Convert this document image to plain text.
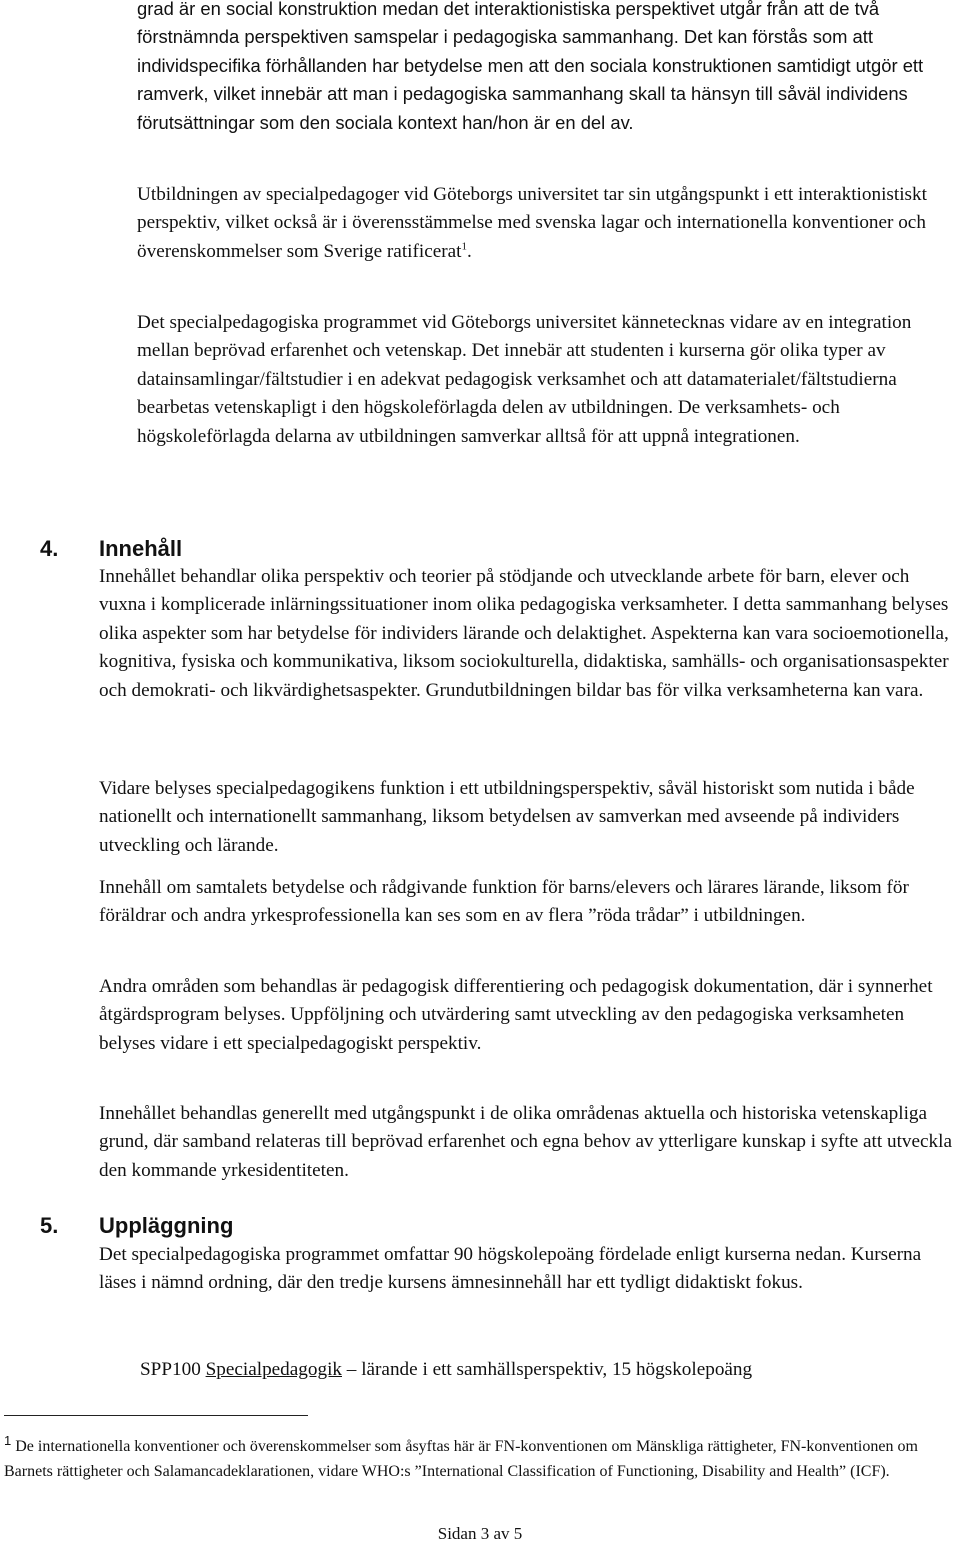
grad är en social konstruktion medan det interaktionistiska perspektivet utgår från att de två förstnämnda perspektiven samspelar i pedagogiska sammanhang. Det kan förstås som att individspecifika förhållanden har betydelse men att den sociala konstruktionen samtidigt utgör ett ramverk, vilket innebär att man i pedagogiska sammanhang skall ta hänsyn till såväl individens förutsättningar som den sociala kontext han/hon är en del av.

Utbildningen av specialpedagoger vid Göteborgs universitet tar sin utgångspunkt i ett interaktionistiskt perspektiv, vilket också är i överensstämmelse med svenska lagar och internationella konventioner och överenskommelser som Sverige ratificerat$^1$.

Det specialpedagogiska programmet vid Göteborgs universitet kännetecknas vidare av en integration mellan beprövad erfarenhet och vetenskap. Det innebär att studenten i kurserna gör olika typer av datainsamlingar/fältstudier i en adekvat pedagogisk verksamhet och att datamaterialet/fältstudierna bearbetas vetenskapligt i den högskoleförlagda delen av utbildningen. De verksamhets- och högskoleförlagda delarna av utbildningen samverkar alltså för att uppnå integrationen.

4. Innehåll

Innehållet behandlar olika perspektiv och teorier på stödjande och utvecklande arbete för barn, elever och vuxna i komplicerade inlärningssituationer inom olika pedagogiska verksamheter. I detta sammanhang belyses olika aspekter som har betydelse för individers lärande och delaktighet. Aspekterna kan vara socioemotionella, kognitiva, fysiska och kommunikativa, liksom sociokulturella, didaktiska, samhälls- och organisationsaspekter och demokrati- och likvärdighetsaspekter. Grundutbildningen bildar bas för vilka verksamheterna kan vara.

Vidare belyses specialpedagogikens funktion i ett utbildningsperspektiv, såväl historiskt som nutida i både nationellt och internationellt sammanhang, liksom betydelsen av samverkan med avseende på individers utveckling och lärande.

Innehåll om samtalets betydelse och rådgivande funktion för barns/elevers och lärares lärande, liksom för föräldrar och andra yrkesprofessionella kan ses som en av flera ”röda trådar” i utbildningen.

Andra områden som behandlas är pedagogisk differentiering och pedagogisk dokumentation, där i synnerhet åtgärdsprogram belyses. Uppföljning och utvärdering samt utveckling av den pedagogiska verksamheten belyses vidare i ett specialpedagogiskt perspektiv.

Innehållet behandlas generellt med utgångspunkt i de olika områdenas aktuella och historiska vetenskapliga grund, där samband relateras till beprövad erfarenhet och egna behov av ytterligare kunskap i syfte att utveckla den kommande yrkesidentiteten.

5. Uppläggning

Det specialpedagogiska programmet omfattar 90 högskolepoäng fördelade enligt kurserna nedan. Kurserna läses i nämnd ordning, där den tredje kursens ämnesinnehåll har ett tydligt didaktiskt fokus.

SPP100 Specialpedagogik – lärande i ett samhällsperspektiv, 15 högskolepoäng

$^1$ De internationella konventioner och överenskommelser som åsyftas här är FN-konventionen om Mänskliga rättigheter, FN-konventionen om Barnets rättigheter och Salamancadeklarationen, vidare WHO:s ”International Classification of Functioning, Disability and Health” (ICF).

Sidan 3 av 5
